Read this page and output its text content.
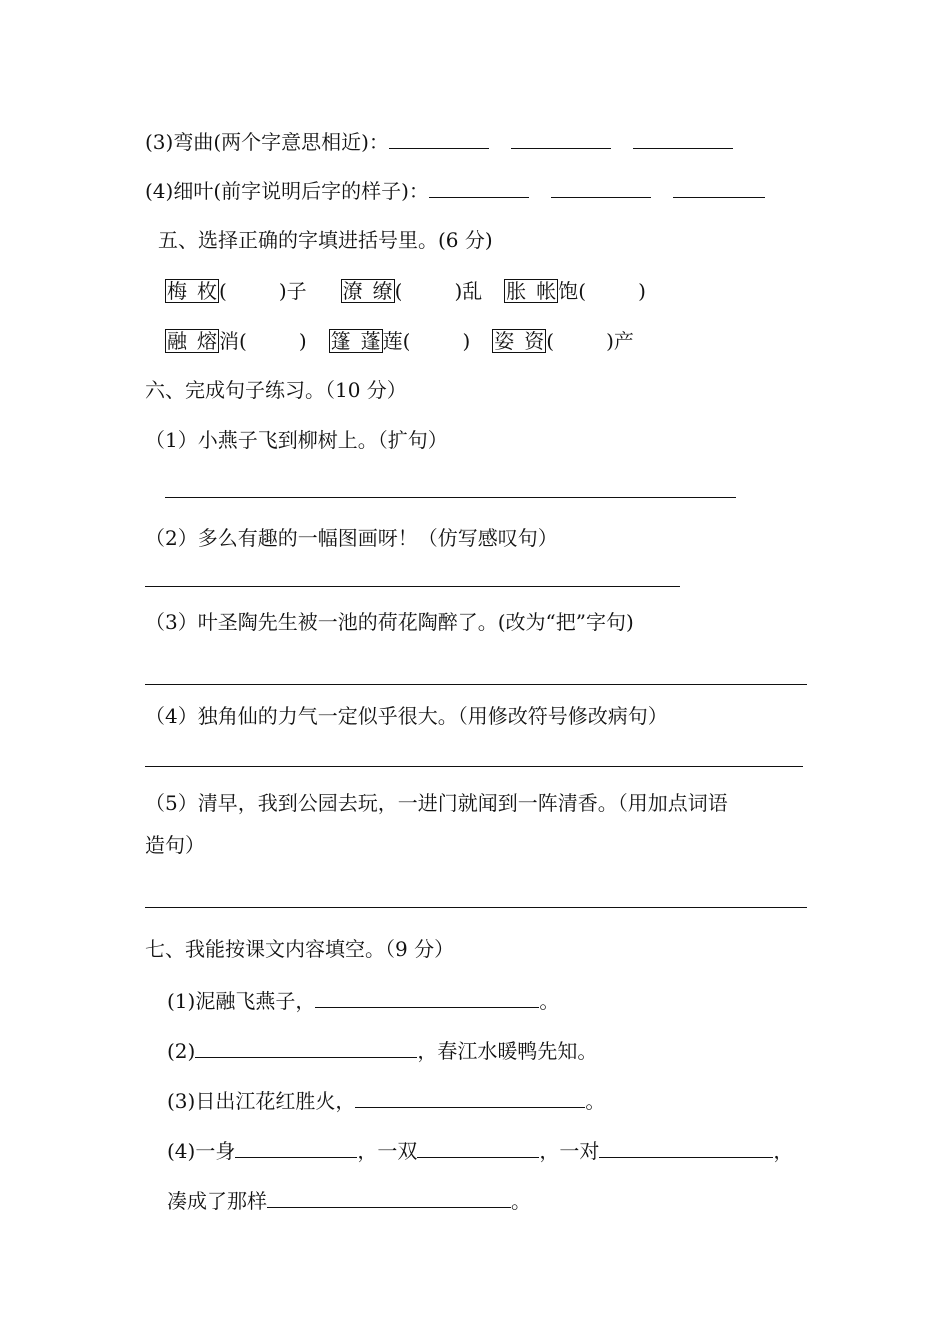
(3)弯曲(两个字意思相近)：
(4)细叶(前字说明后字的样子)：
五、选择正确的字填进括号里。(6 分)
梅 枚 (	)子 潦 缭 (	)乱 胀 帐 饱(	)
融 熔 消(	) 篷 蓬 莲(	) 姿 资 (	)产
六、完成句子练习。（10 分）
（1）小燕子飞到柳树上。（扩句）
（2）多么有趣的一幅图画呀！（仿写感叹句）
（3）叶圣陶先生被一池的荷花陶醉了。(改为“把”字句)
（4）独角仙的力气一定似乎很大。（用修改符号修改病句）
（5）清早，我到公园去玩，一进门就闻到一阵清香。（用加点词语
造句）
七、我能按课文内容填空。（9 分）
(1)泥融飞燕子，	。
(2)	，春江水暖鸭先知。
(3)日出江花红胜火，	。
(4)一身	，一双	，一对	，
凑成了那样	。
